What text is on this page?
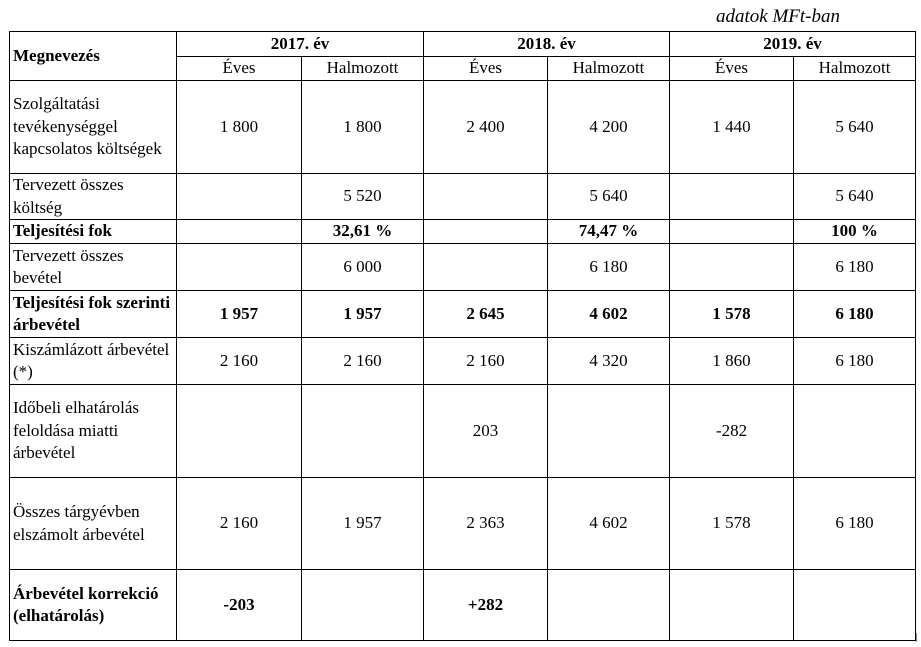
adatok MFt-ban
Megnevezés	2017. év		2018. év		2019. év	
	Éves	Halmozott	Éves	Halmozott	Éves	Halmozott
Szolgáltatási tevékenységgel kapcsolatos költségek	1 800	1 800	2 400	4 200	1 440	5 640
Tervezett összes költség		5 520		5 640		5 640
Teljesítési fok		32,61 %		74,47 %		100 %
Tervezett összes bevétel		6 000		6 180		6 180
Teljesítési fok szerinti árbevétel	1 957	1 957	2 645	4 602	1 578	6 180
Kiszámlázott árbevétel (*)	2 160	2 160	2 160	4 320	1 860	6 180
Időbeli elhatárolás feloldása miatti árbevétel			203		-282	
Összes tárgyévben elszámolt árbevétel	2 160	1 957	2 363	4 602	1 578	6 180
Árbevétel korrekció (elhatárolás)	-203		+282			
